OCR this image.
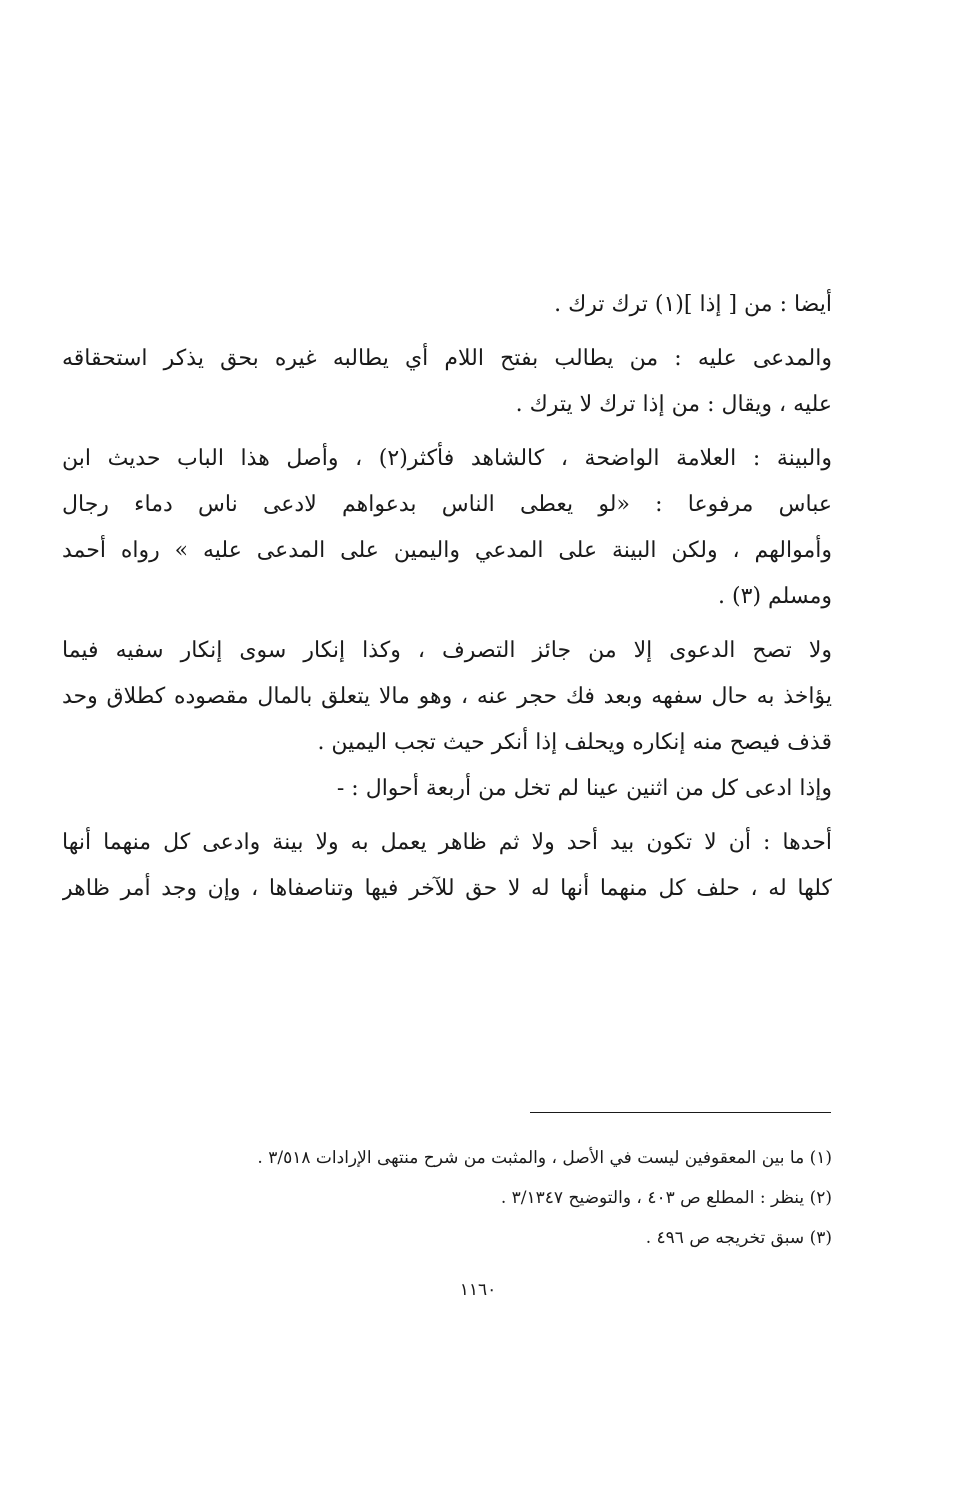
أيضا : من [ إذا ](١) ترك ترك .
والمدعى عليه : من يطالب بفتح اللام أي يطالبه غيره بحق يذكر استحقاقه
عليه ، ويقال : من إذا ترك لا يترك .
والبينة : العلامة الواضحة ، كالشاهد فأكثر(٢) ، وأصل هذا الباب حديث ابن
عباس مرفوعا : «لو يعطى الناس بدعواهم لادعى ناس دماء رجال
وأموالهم ، ولكن البينة على المدعي واليمين على المدعى عليه » رواه أحمد
ومسلم (٣) .
ولا تصح الدعوى إلا من جائز التصرف ، وكذا إنكار سوى إنكار سفيه فيما
يؤاخذ به حال سفهه وبعد فك حجر عنه ، وهو مالا يتعلق بالمال مقصوده كطلاق وحد
قذف فيصح منه إنكاره ويحلف إذا أنكر حيث تجب اليمين .
وإذا ادعى كل من اثنين عينا لم تخل من أربعة أحوال : -
أحدها : أن لا تكون بيد أحد ولا ثم ظاهر يعمل به ولا بينة وادعى كل منهما أنها
كلها له ، حلف كل منهما أنها له لا حق للآخر فيها وتناصفاها ، وإن وجد أمر ظاهر
(١) ما بين المعقوفين ليست في الأصل ، والمثبت من شرح منتهى الإرادات ٣/٥١٨ .
(٢) ينظر : المطلع ص ٤٠٣ ، والتوضيح ٣/١٣٤٧ .
(٣) سبق تخريجه ص ٤٩٦ .
١١٦٠
